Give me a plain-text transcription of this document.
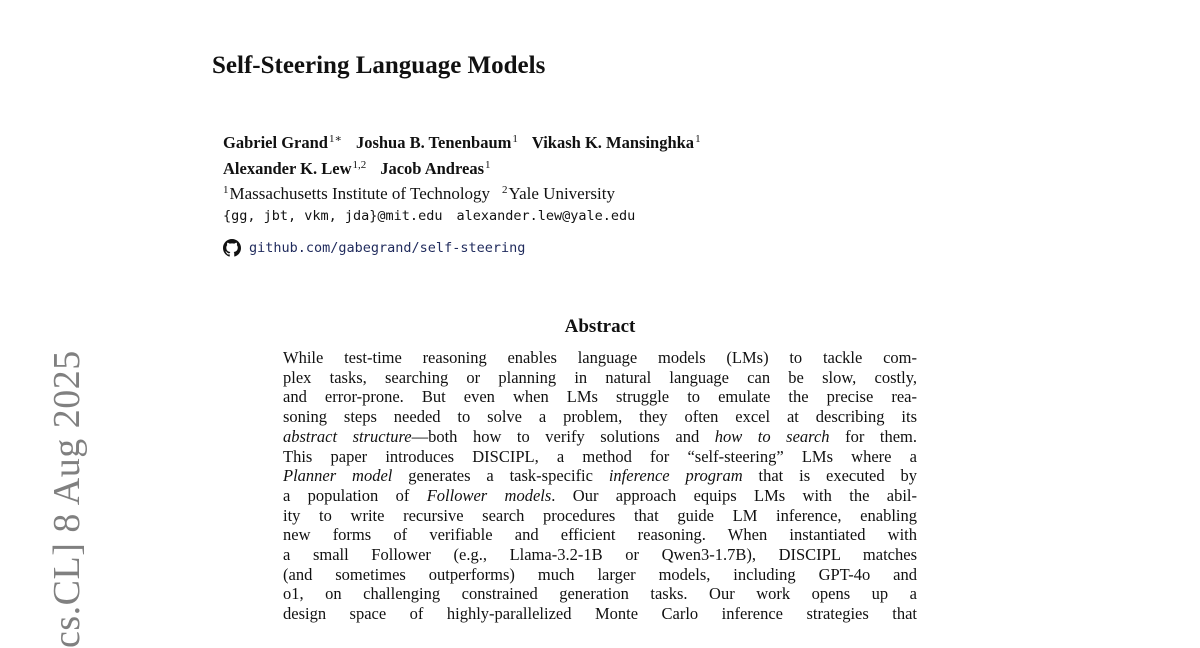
cs.CL] 8 Aug 2025
Self-Steering Language Models
Gabriel Grand$^{1∗}$ Joshua B. Tenenbaum$^1$ Vikash K. Mansinghka$^1$
Alexander K. Lew$^{1,2}$ Jacob Andreas$^1$
$^1$Massachusetts Institute of Technology $^2$Yale University
{gg, jbt, vkm, jda}@mit.edu alexander.lew@yale.edu
github.com/gabegrand/self-steering
Abstract
While test-time reasoning enables language models (LMs) to tackle com-
plex tasks, searching or planning in natural language can be slow, costly,
and error-prone. But even when LMs struggle to emulate the precise rea-
soning steps needed to solve a problem, they often excel at describing its
abstract structure—both how to verify solutions and how to search for them.
This paper introduces DISCIPL, a method for “self-steering” LMs where a
Planner model generates a task-specific inference program that is executed by
a population of Follower models. Our approach equips LMs with the abil-
ity to write recursive search procedures that guide LM inference, enabling
new forms of verifiable and efficient reasoning. When instantiated with
a small Follower (e.g., Llama-3.2-1B or Qwen3-1.7B), DISCIPL matches
(and sometimes outperforms) much larger models, including GPT-4o and
o1, on challenging constrained generation tasks. Our work opens up a
design space of highly-parallelized Monte Carlo inference strategies that
